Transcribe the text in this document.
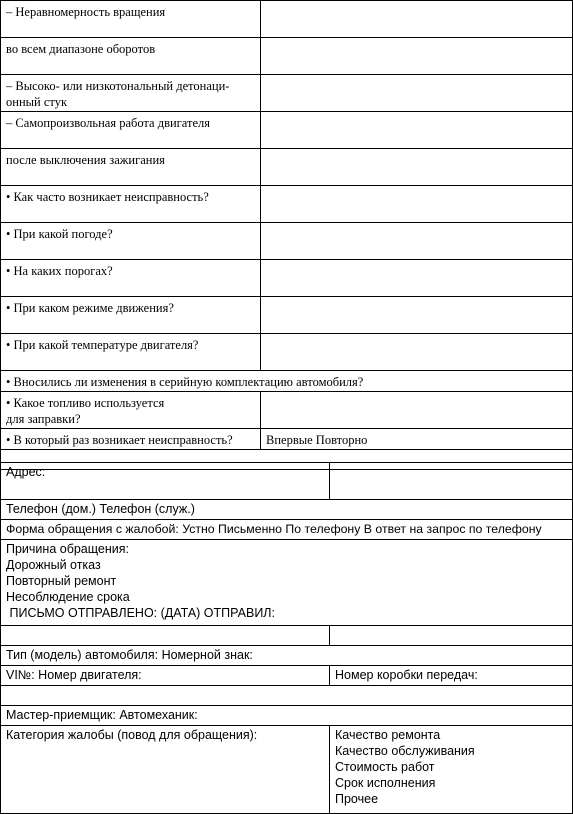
– Неравномерность вращения	
во всем диапазоне оборотов	

– Высоко- или низкотональный детонаци-
онный стук	

– Самопроизвольная работа двигателя	
после выключения зажигания	
• Как часто возникает неисправность?	
• При какой погоде?	
• На каких порогах?	
• При каком режиме движения?	
• При какой температуре двигателя?	
• Вносились ли изменения в серийную комплектацию автомобиля?	

• Какое топливо используется
для заправки?	

• В который раз возникает неисправность?	Впервые Повторно

Адрес:	
Телефон (дом.) Телефон (служ.)	
Форма обращения с жалобой: Устно Письменно По телефону В ответ на запрос по телефону	

Причина обращения:
Дорожный отказ
Повторный ремонт
Несоблюдение срока
ПИСЬМО ОТПРАВЛЕНО: (ДАТА) ОТПРАВИЛ:	

Тип (модель) автомобиля: Номерной знак:	
VI№: Номер двигателя:	Номер коробки передач:

Мастер-приемщик: Автомеханик:	
Категория жалобы (повод для обращения):	Качество ремонта
Качество обслуживания
Стоимость работ
Срок исполнения
Прочее
